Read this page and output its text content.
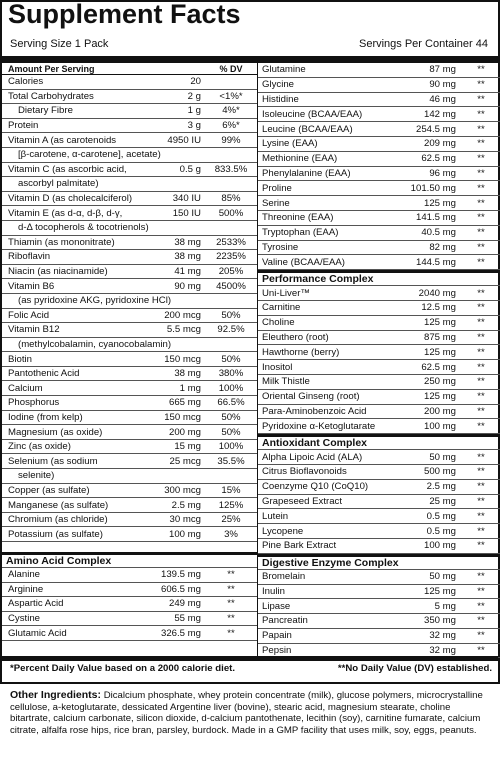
Supplement Facts
Serving Size 1 Pack	Servings Per Container 44
Amount Per Serving	% DV
Calories	20
Total Carbohydrates	2 g	<1%*
Dietary Fibre	1 g	4%*
Protein	3 g	6%*
Vitamin A (as carotenoids	4950 IU	99%
[β-carotene, α-carotene], acetate)
Vitamin C (as ascorbic acid,	0.5 g	833.5%
ascorbyl palmitate)
Vitamin D (as cholecalciferol)	340 IU	85%
Vitamin E (as d-α, d-β, d-γ,	150 IU	500%
d-Δ tocopherols & tocotrienols)
Thiamin (as mononitrate)	38 mg	2533%
Riboflavin	38 mg	2235%
Niacin (as niacinamide)	41 mg	205%
Vitamin B6	90 mg	4500%
(as pyridoxine AKG, pyridoxine HCl)
Folic Acid	200 mcg	50%
Vitamin B12	5.5 mcg	92.5%
(methylcobalamin, cyanocobalamin)
Biotin	150 mcg	50%
Pantothenic Acid	38 mg	380%
Calcium	1 mg	100%
Phosphorus	665 mg	66.5%
Iodine (from kelp)	150 mcg	50%
Magnesium (as oxide)	200 mg	50%
Zinc (as oxide)	15 mg	100%
Selenium (as sodium	25 mcg	35.5%
selenite)
Copper (as sulfate)	300 mcg	15%
Manganese (as sulfate)	2.5 mg	125%
Chromium (as chloride)	30 mcg	25%
Potassium (as sulfate)	100 mg	3%
Amino Acid Complex
Alanine	139.5 mg	**
Arginine	606.5 mg	**
Aspartic Acid	249 mg	**
Cystine	55 mg	**
Glutamic Acid	326.5 mg	**
Glutamine	87 mg	**
Glycine	90 mg	**
Histidine	46 mg	**
Isoleucine (BCAA/EAA)	142 mg	**
Leucine (BCAA/EAA)	254.5 mg	**
Lysine (EAA)	209 mg	**
Methionine (EAA)	62.5 mg	**
Phenylalanine (EAA)	96 mg	**
Proline	101.50 mg	**
Serine	125 mg	**
Threonine (EAA)	141.5 mg	**
Tryptophan (EAA)	40.5 mg	**
Tyrosine	82 mg	**
Valine (BCAA/EAA)	144.5 mg	**
Performance Complex
Uni-Liver™	2040 mg	**
Carnitine	12.5 mg	**
Choline	125 mg	**
Eleuthero (root)	875 mg	**
Hawthorne (berry)	125 mg	**
Inositol	62.5 mg	**
Milk Thistle	250 mg	**
Oriental Ginseng (root)	125 mg	**
Para-Aminobenzoic Acid	200 mg	**
Pyridoxine α-Ketoglutarate	100 mg	**
Antioxidant Complex
Alpha Lipoic Acid (ALA)	50 mg	**
Citrus Bioflavonoids	500 mg	**
Coenzyme Q10 (CoQ10)	2.5 mg	**
Grapeseed Extract	25 mg	**
Lutein	0.5 mg	**
Lycopene	0.5 mg	**
Pine Bark Extract	100 mg	**
Digestive Enzyme Complex
Bromelain	50 mg	**
Inulin	125 mg	**
Lipase	5 mg	**
Pancreatin	350 mg	**
Papain	32 mg	**
Pepsin	32 mg	**
*Percent Daily Value based on a 2000 calorie diet.	**No Daily Value (DV) established.
Other Ingredients: Dicalcium phosphate, whey protein concentrate (milk), glucose polymers, microcrystalline cellulose, a-ketoglutarate, dessicated Argentine liver (bovine), stearic acid, magnesium stearate, choline bitartrate, calcium carbonate, silicon dioxide, d-calcium pantothenate, lecithin (soy), carnitine fumarate, calcium citrate, alfalfa rose hips, rice bran, parsley, burdock. Made in a GMP facility that uses milk, soy, eggs, peanuts.
